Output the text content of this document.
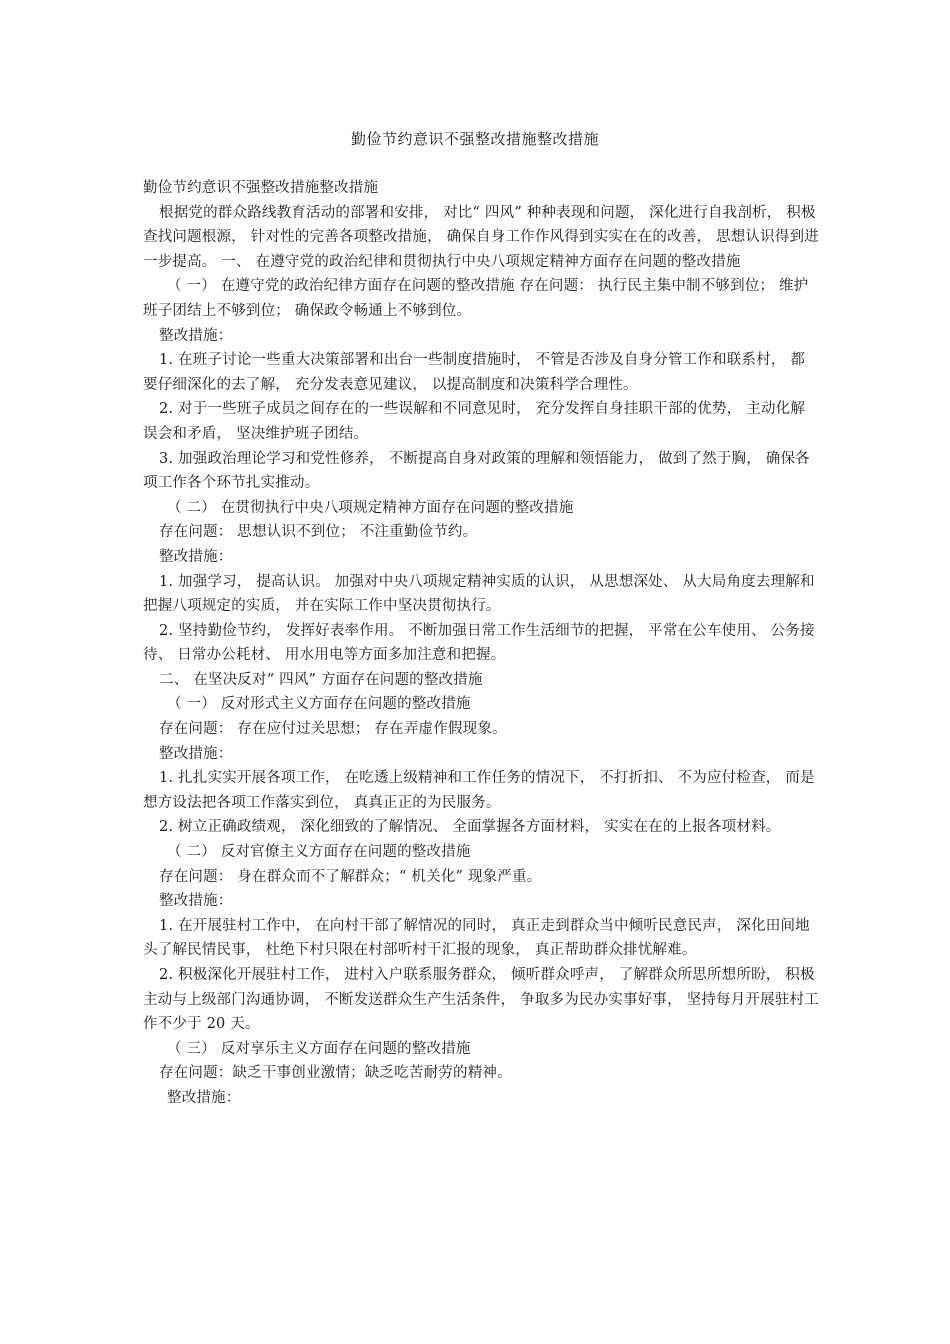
勤俭节约意识不强整改措施整改措施

勤俭节约意识不强整改措施整改措施

根据党的群众路线教育活动的部署和安排， 对比“ 四风” 种种表现和问题， 深化进行自我剖析， 积极查找问题根源， 针对性的完善各项整改措施， 确保自身工作作风得到实实在在的改善， 思想认识得到进一步提高。 一、 在遵守党的政治纪律和贯彻执行中央八项规定精神方面存在问题的整改措施

（ 一） 在遵守党的政治纪律方面存在问题的整改措施 存在问题： 执行民主集中制不够到位； 维护班子团结上不够到位； 确保政令畅通上不够到位。

整改措施：

1. 在班子讨论一些重大决策部署和出台一些制度措施时， 不管是否涉及自身分管工作和联系村， 都要仔细深化的去了解， 充分发表意见建议， 以提高制度和决策科学合理性。

2. 对于一些班子成员之间存在的一些误解和不同意见时， 充分发挥自身挂职干部的优势， 主动化解误会和矛盾， 坚决维护班子团结。

3. 加强政治理论学习和党性修养， 不断提高自身对政策的理解和领悟能力， 做到了然于胸， 确保各项工作各个环节扎实推动。

（ 二） 在贯彻执行中央八项规定精神方面存在问题的整改措施

存在问题： 思想认识不到位； 不注重勤俭节约。

整改措施：

1. 加强学习， 提高认识。 加强对中央八项规定精神实质的认识， 从思想深处、 从大局角度去理解和把握八项规定的实质， 并在实际工作中坚决贯彻执行。

2. 坚持勤俭节约， 发挥好表率作用。 不断加强日常工作生活细节的把握， 平常在公车使用、 公务接待、 日常办公耗材、 用水用电等方面多加注意和把握。

二、 在坚决反对“ 四风” 方面存在问题的整改措施

（ 一） 反对形式主义方面存在问题的整改措施

存在问题： 存在应付过关思想； 存在弄虚作假现象。

整改措施：

1. 扎扎实实开展各项工作， 在吃透上级精神和工作任务的情况下， 不打折扣、 不为应付检查， 而是想方设法把各项工作落实到位， 真真正正的为民服务。

2. 树立正确政绩观， 深化细致的了解情况、 全面掌握各方面材料， 实实在在的上报各项材料。

（ 二） 反对官僚主义方面存在问题的整改措施

存在问题： 身在群众而不了解群众；“ 机关化” 现象严重。

整改措施：

1. 在开展驻村工作中， 在向村干部了解情况的同时， 真正走到群众当中倾听民意民声， 深化田间地头了解民情民事， 杜绝下村只限在村部听村干汇报的现象， 真正帮助群众排忧解难。

2. 积极深化开展驻村工作， 进村入户联系服务群众， 倾听群众呼声， 了解群众所思所想所盼， 积极主动与上级部门沟通协调， 不断发送群众生产生活条件， 争取多为民办实事好事， 坚持每月开展驻村工作不少于 20 天。

（ 三） 反对享乐主义方面存在问题的整改措施

存在问题：缺乏干事创业激情；缺乏吃苦耐劳的精神。

整改措施：
